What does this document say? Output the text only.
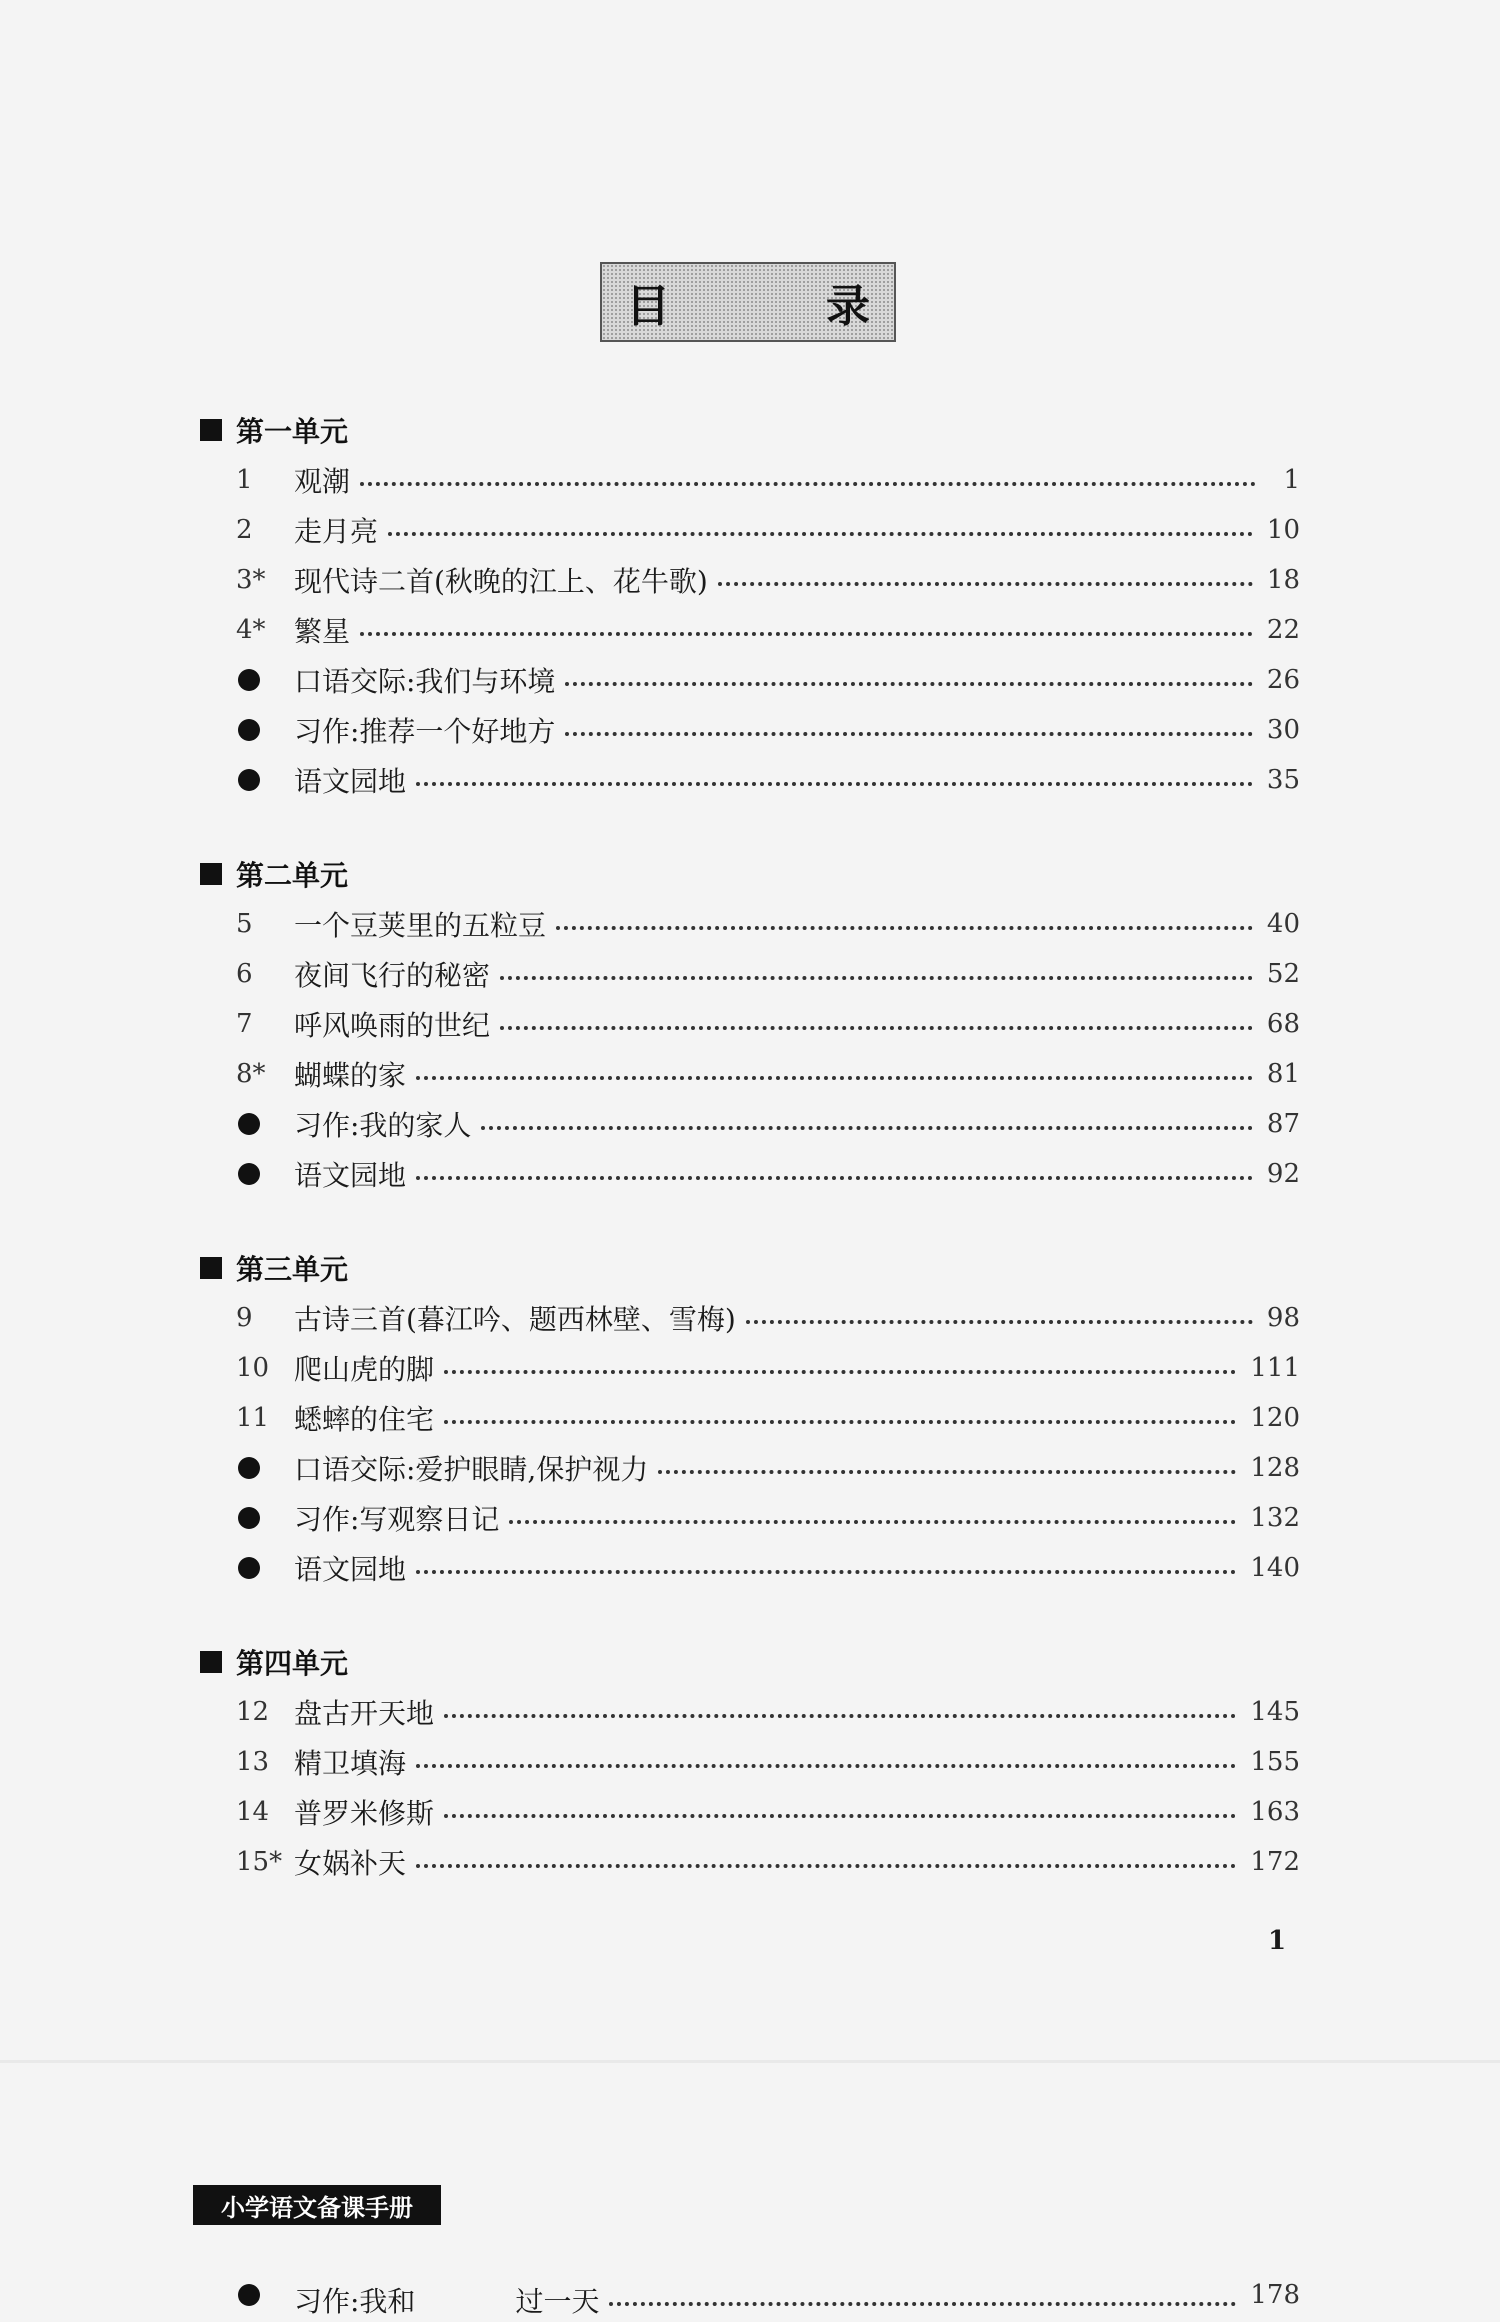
目	录
第一单元
1	观潮	1
2	走月亮	10
3*	现代诗二首(秋晚的江上、花牛歌)	18
4*	繁星	22
口语交际:我们与环境	26
习作:推荐一个好地方	30
语文园地	35
第二单元
5	一个豆荚里的五粒豆	40
6	夜间飞行的秘密	52
7	呼风唤雨的世纪	68
8*	蝴蝶的家	81
习作:我的家人	87
语文园地	92
第三单元
9	古诗三首(暮江吟、题西林壁、雪梅)	98
10 爬山虎的脚	111
11 蟋蟀的住宅	120
口语交际:爱护眼睛,保护视力	128
习作:写观察日记	132
语文园地	140
第四单元
12 盘古开天地	145
13 精卫填海	155
14 普罗米修斯	163
15* 女娲补天	172
1
小学语文备课手册
习作:我和	过一天	178
